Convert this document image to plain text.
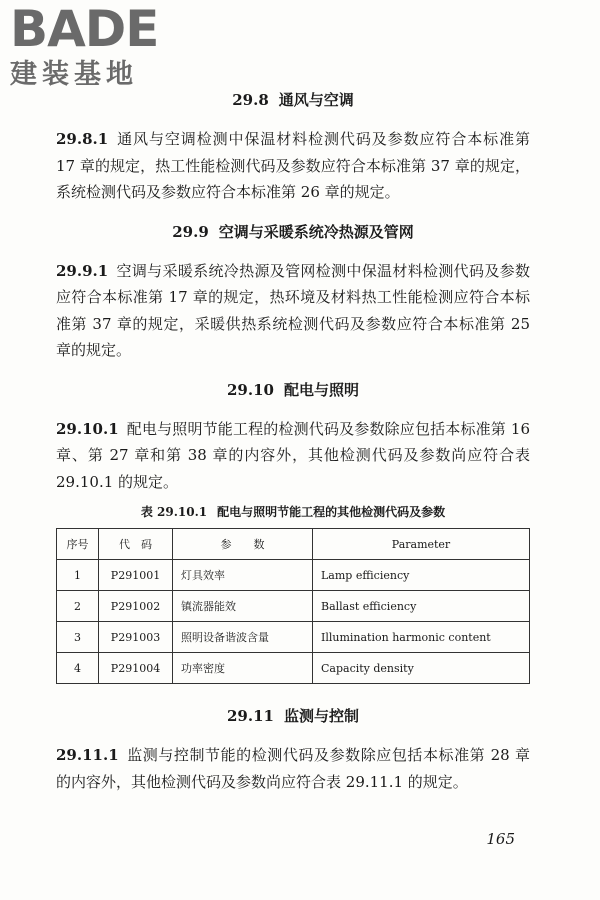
BADE
建装基地
29.8 通风与空调
29.8.1 通风与空调检测中保温材料检测代码及参数应符合本标准第 17 章的规定，热工性能检测代码及参数应符合本标准第 37 章的规定，系统检测代码及参数应符合本标准第 26 章的规定。
29.9 空调与采暖系统冷热源及管网
29.9.1 空调与采暖系统冷热源及管网检测中保温材料检测代码及参数应符合本标准第 17 章的规定，热环境及材料热工性能检测应符合本标准第 37 章的规定，采暖供热系统检测代码及参数应符合本标准第 25 章的规定。
29.10 配电与照明
29.10.1 配电与照明节能工程的检测代码及参数除应包括本标准第 16 章、第 27 章和第 38 章的内容外，其他检测代码及参数尚应符合表 29.10.1 的规定。
表 29.10.1 配电与照明节能工程的其他检测代码及参数
序号	代　码	参　　数	Parameter
1	P291001	灯具效率	Lamp efficiency
2	P291002	镇流器能效	Ballast efficiency
3	P291003	照明设备谐波含量	Illumination harmonic content
4	P291004	功率密度	Capacity density
29.11 监测与控制
29.11.1 监测与控制节能的检测代码及参数除应包括本标准第 28 章的内容外，其他检测代码及参数尚应符合表 29.11.1 的规定。
165
